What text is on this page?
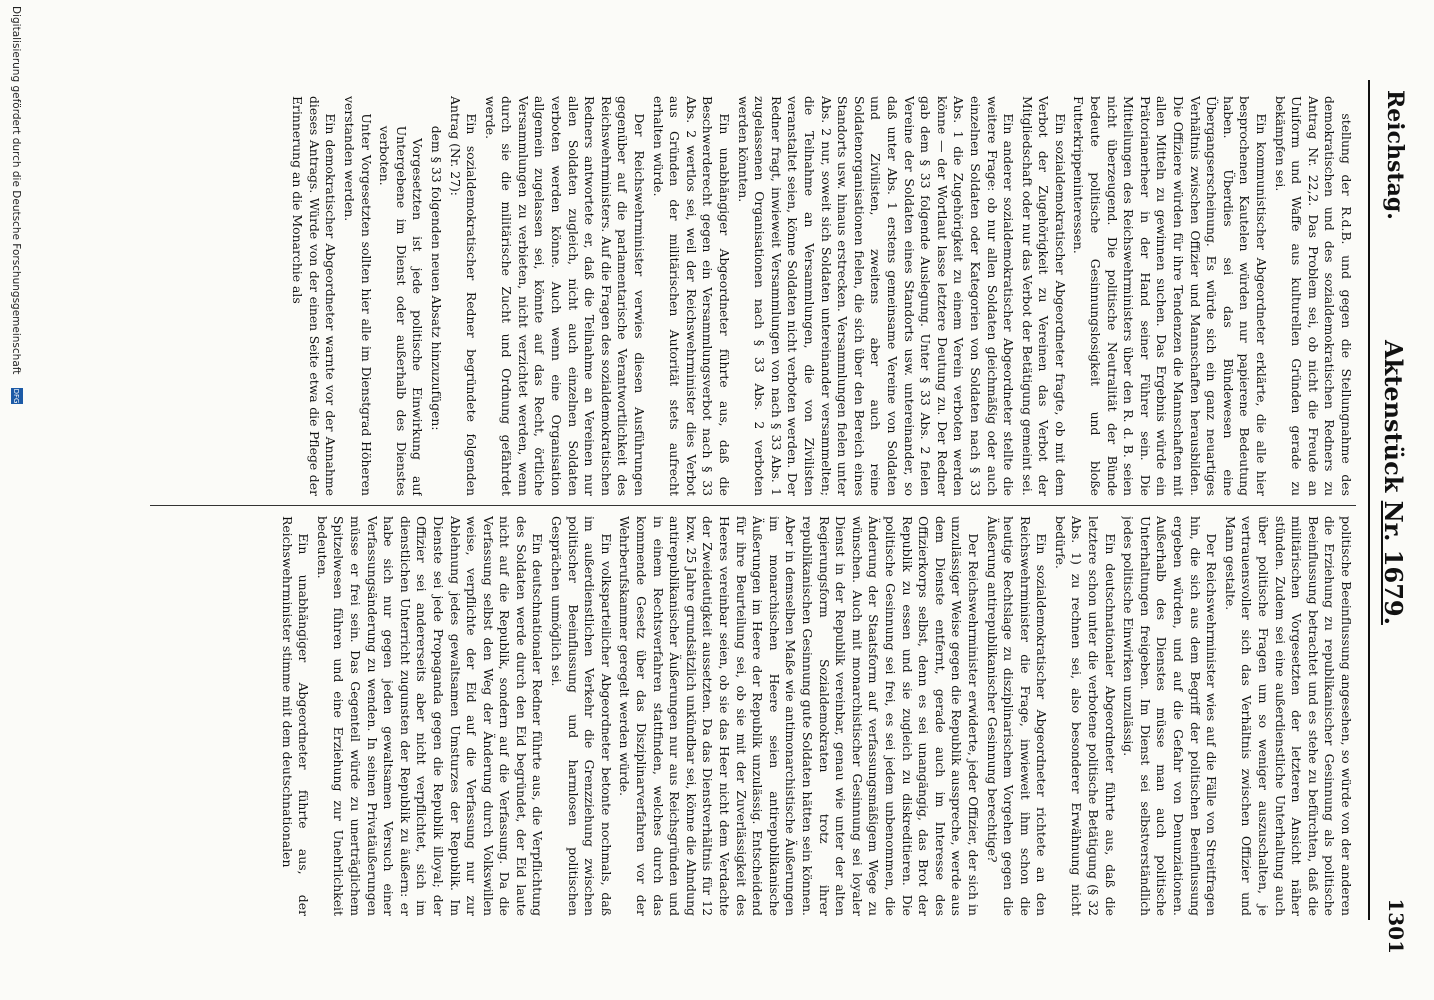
Reichstag.
Aktenstück Nr. 1679.
1301

stellung der R.d.B. und gegen die Stellungnahme des demokratischen und des sozialdemokratischen Redners zu Antrag Nr. 22,2. Das Problem sei, ob nicht die Freude an Uniform und Waffe aus kulturellen Gründen gerade zu bekämpfen sei.

Ein kommunistischer Abgeordneter erklärte, die alle hier besprochenen Kautelen würden nur papierene Bedeutung haben. Überdies sei das Bündewesen eine Übergangserscheinung. Es würde sich ein ganz neuartiges Verhältnis zwischen Offizier und Mannschaften herausbilden. Die Offiziere würden für ihre Tendenzen die Mannschaften mit allen Mitteln zu gewinnen suchen. Das Ergebnis würde ein Prätorianerheer in der Hand seiner Führer sein. Die Mitteilungen des Reichswehrministers über den R. d. B. seien nicht überzeugend. Die politische Neutralität der Bünde bedeute politische Gesinnungslosigkeit und bloße Futterkrippeninteressen.

Ein sozialdemokratischer Abgeordneter fragte, ob mit dem Verbot der Zugehörigkeit zu Vereinen das Verbot der Mitgliedschaft oder nur das Verbot der Betätigung gemeint sei.

Ein anderer sozialdemokratischer Abgeordneter stellte die weitere Frage: ob nur allen Soldaten gleichmäßig oder auch einzelnen Soldaten oder Kategorien von Soldaten nach § 33 Abs. 1 die Zugehörigkeit zu einem Verein verboten werden könne — der Wortlaut lasse letztere Deutung zu. Der Redner gab dem § 33 folgende Auslegung. Unter § 33 Abs. 2 fielen Vereine der Soldaten eines Standorts usw. untereinander, so daß unter Abs. 1 erstens gemeinsame Vereine von Soldaten und Zivilisten, zweitens aber auch reine Soldatenorganisationen fielen, die sich über den Bereich eines Standorts usw. hinaus erstrecken. Versammlungen fielen unter Abs. 2 nur, soweit sich Soldaten untereinander versammelten; die Teilnahme an Versammlungen, die von Zivilisten veranstaltet seien, könne Soldaten nicht verboten werden. Der Redner fragt, inwieweit Versammlungen von nach § 33 Abs. 1 zugelassenen Organisationen nach § 33 Abs. 2 verboten werden könnten.

Ein unabhängiger Abgeordneter führte aus, daß die Beschwerderecht gegen ein Versammlungsverbot nach § 33 Abs. 2 wertlos sei, weil der Reichswehrminister dies Verbot aus Gründen der militärischen Autorität stets aufrecht erhalten würde.

Der Reichswehrminister verwies diesen Ausführungen gegenüber auf die parlamentarische Verantwortlichkeit des Reichswehrministers. Auf die Fragen des sozialdemokratischen Redners antwortete er, daß die Teilnahme an Vereinen nur allen Soldaten zugleich, nicht auch einzelnen Soldaten verboten werden könne. Auch wenn eine Organisation allgemein zugelassen sei, könnte auf das Recht, örtliche Versammlungen zu verbieten, nicht verzichtet werden, wenn durch sie die militärische Zucht und Ordnung gefährdet werde.

Ein sozialdemokratischer Redner begründete folgenden Antrag (Nr. 27):

dem § 33 folgenden neuen Absatz hinzuzufügen:

Vorgesetzten ist jede politische Einwirkung auf Untergebene im Dienst oder außerhalb des Dienstes verboten.

Unter Vorgesetzten sollten hier alle im Dienstgrad Höheren verstanden werden.

Ein demokratischer Abgeordneter warnte vor der Annahme dieses Antrags. Würde von der einen Seite etwa die Pflege der Erinnerung an die Monarchie als

politische Beeinflussung angesehen, so würde von der anderen die Erziehung zu republikanischer Gesinnung als politische Beeinflussung betrachtet und es stehe zu befürchten, daß die militärischen Vorgesetzten der letzteren Ansicht näher stünden. Zudem sei eine außerdienstliche Unterhaltung auch über politische Fragen um so weniger auszuschalten, je vertrauensvoller sich das Verhältnis zwischen Offizier und Mann gestalte.

Der Reichswehrminister wies auf die Fälle von Streitfragen hin, die sich aus dem Begriff der politischen Beeinflussung ergeben würden, und auf die Gefahr von Denunziationen. Außerhalb des Dienstes müsse man auch politische Unterhaltungen freigeben. Im Dienst sei selbstverständlich jedes politische Einwirken unzulässig.

Ein deutschnationaler Abgeordneter führte aus, daß die letztere schon unter die verbotene politische Betätigung (§ 32 Abs. 1) zu rechnen sei, also besonderer Erwähnung nicht bedürfe.

Ein sozialdemokratischer Abgeordneter richtete an den Reichswehrminister die Frage, inwieweit ihm schon die heutige Rechtslage zu disziplinarischem Vorgehen gegen die Äußerung antirepublikanischer Gesinnung berechtige?

Der Reichswehrminister erwiderte, jeder Offizier, der sich in unzulässiger Weise gegen die Republik ausspreche, werde aus dem Dienste entfernt, gerade auch im Interesse des Offizierkorps selbst, denn es sei unangängig, das Brot der Republik zu essen und sie zugleich zu diskreditieren. Die politische Gesinnung sei frei, es sei jedem unbenommen, die Änderung der Staatsform auf verfassungsmäßigem Wege zu wünschen. Auch mit monarchistischer Gesinnung sei loyaler Dienst in der Republik vereinbar, genau wie unter der alten Regierungsform Sozialdemokraten trotz ihrer republikanischen Gesinnung gute Soldaten hätten sein können. Aber in demselben Maße wie antimonarchistische Äußerungen im monarchischen Heere seien antirepublikanische Äußerungen im Heere der Republik unzulässig. Entscheidend für ihre Beurteilung sei, ob sie mit der Zuverlässigkeit des Heeres vereinbar seien, ob sie das Heer nicht dem Verdachte der Zweideutigkeit aussetzten. Da das Dienstverhältnis für 12 bzw. 25 Jahre grundsätzlich unkündbar sei, könne die Ahndung antirepublikanischer Äußerungen nur aus Reichsgründen und in einem Rechtsverfahren stattfinden, welches durch das kommende Gesetz über das Disziplinarverfahren vor der Wehrberufskammer geregelt werden würde.

Ein volksparteilicher Abgeordneter betonte nochmals, daß im außerdienstlichen Verkehr die Grenzziehung zwischen politischer Beeinflussung und harmlosen politischen Gesprächen unmöglich sei.

Ein deutschnationaler Redner führte aus, die Verpflichtung des Soldaten werde durch den Eid begründet, der Eid laute nicht auf die Republik, sondern auf die Verfassung. Da die Verfassung selbst den Weg der Änderung durch Volkswillen weise, verpflichte der Eid auf die Verfassung nur zur Ablehnung jedes gewaltsamen Umsturzes der Republik. Im Dienste sei jede Propaganda gegen die Republik illoyal; der Offizier sei andererseits aber nicht verpflichtet, sich im dienstlichen Unterricht zugunsten der Republik zu äußern: er habe sich nur gegen jeden gewaltsamen Versuch einer Verfassungsänderung zu wenden. In seinen Privatäußerungen müsse er frei sein. Das Gegenteil würde zu unerträglichem Spitzelwesen führen und eine Erziehung zur Unehrlichkeit bedeuten.

Ein unabhängiger Abgeordneter führte aus, der Reichswehrminister stimme mit dem deutschnationalen

Digitalisierung gefördert durch die Deutsche Forschungsgemeinschaft
DFG
